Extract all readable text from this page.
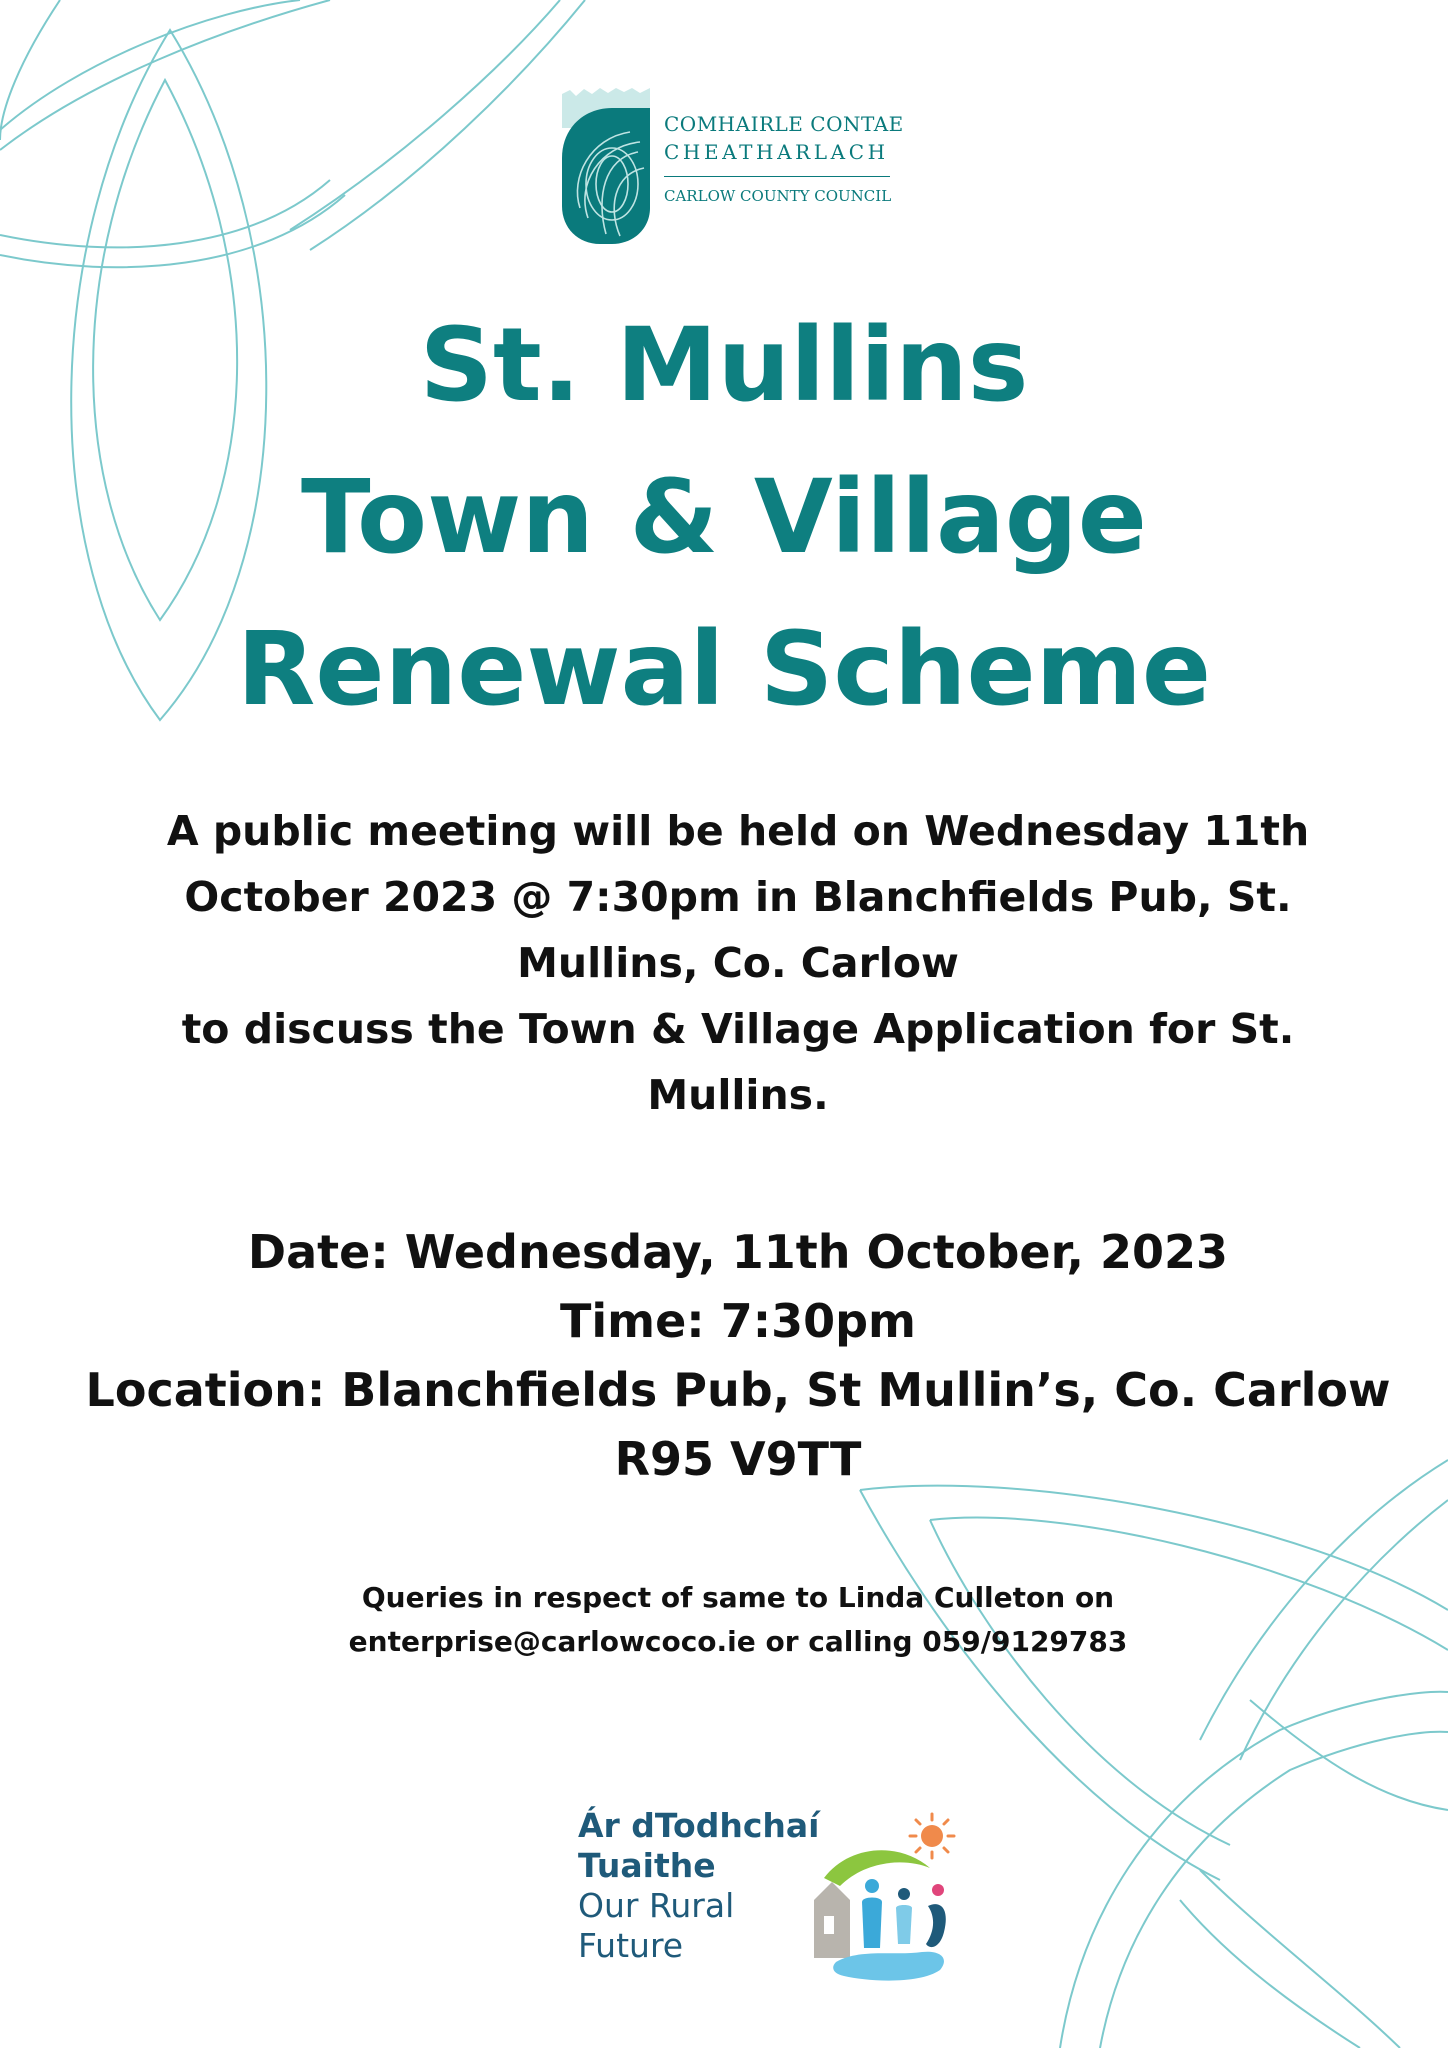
COMHAIRLE CONTAE
CHEATHARLACH
CARLOW COUNTY COUNCIL
St. Mullins
Town & Village
Renewal Scheme
A public meeting will be held on Wednesday 11th October 2023 @ 7:30pm in Blanchfields Pub, St. Mullins, Co. Carlow
to discuss the Town & Village Application for St. Mullins.
Date: Wednesday, 11th October, 2023
Time: 7:30pm
Location: Blanchfields Pub, St Mullin’s, Co. Carlow
R95 V9TT
Queries in respect of same to Linda Culleton on
enterprise@carlowcoco.ie or calling 059/9129783
Ár dTodhchaí
Tuaithe
Our Rural
Future
